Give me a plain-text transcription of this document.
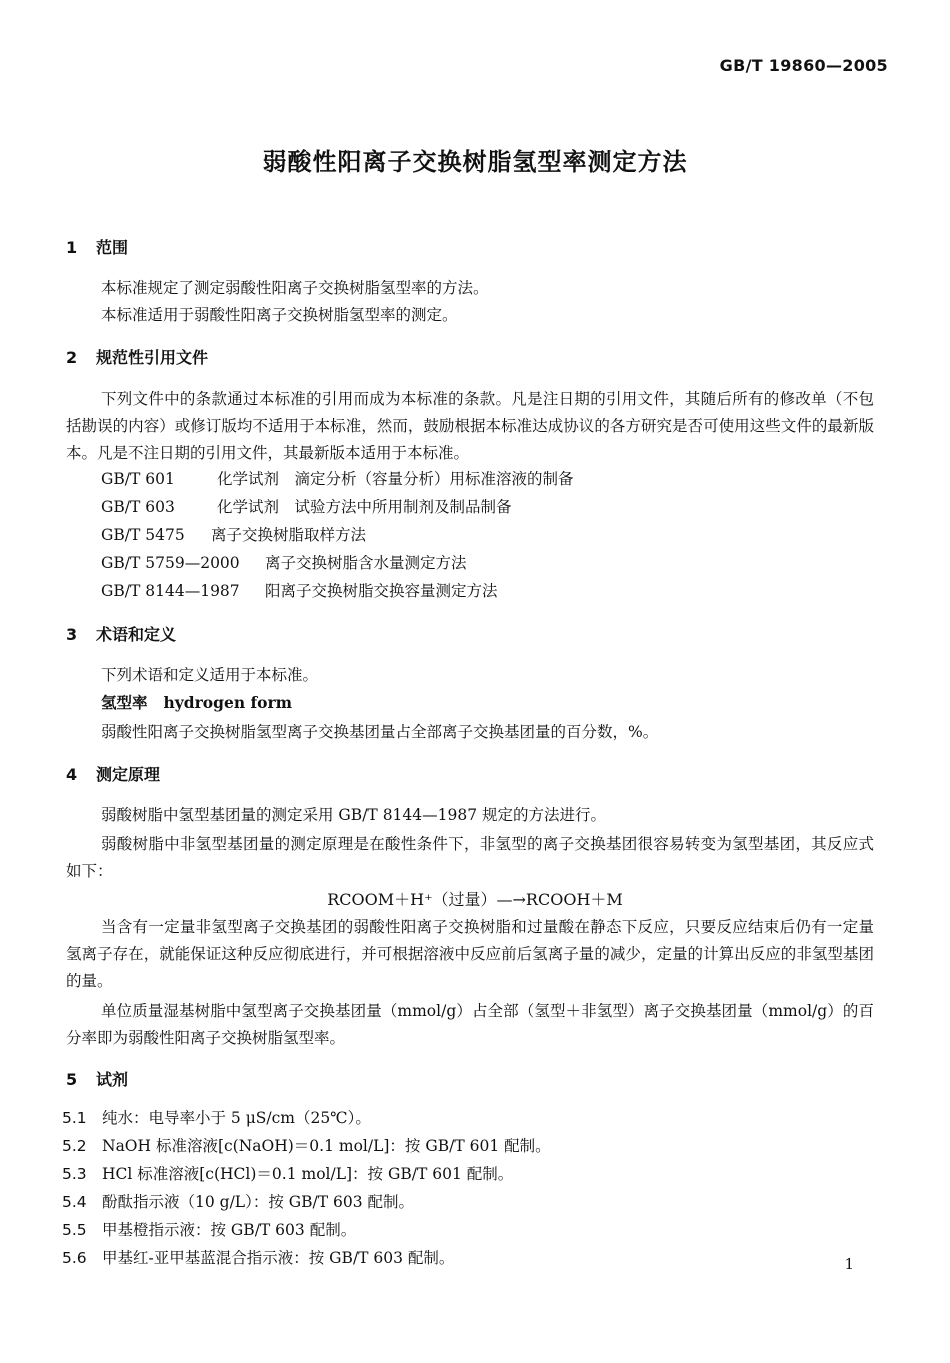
GB/T 19860—2005
弱酸性阳离子交换树脂氢型率测定方法
1 范围
本标准规定了测定弱酸性阳离子交换树脂氢型率的方法。
本标准适用于弱酸性阳离子交换树脂氢型率的测定。
2 规范性引用文件
下列文件中的条款通过本标准的引用而成为本标准的条款。凡是注日期的引用文件，其随后所有的修改单（不包括勘误的内容）或修订版均不适用于本标准，然而，鼓励根据本标准达成协议的各方研究是否可使用这些文件的最新版本。凡是不注日期的引用文件，其最新版本适用于本标准。
GB/T 601	化学试剂　滴定分析（容量分析）用标准溶液的制备
GB/T 603	化学试剂　试验方法中所用制剂及制品制备
GB/T 5475 离子交换树脂取样方法
GB/T 5759—2000 离子交换树脂含水量测定方法
GB/T 8144—1987 阳离子交换树脂交换容量测定方法
3 术语和定义
下列术语和定义适用于本标准。
氢型率 hydrogen form
弱酸性阳离子交换树脂氢型离子交换基团量占全部离子交换基团量的百分数，%。
4 测定原理
弱酸树脂中氢型基团量的测定采用 GB/T 8144—1987 规定的方法进行。
弱酸树脂中非氢型基团量的测定原理是在酸性条件下，非氢型的离子交换基团很容易转变为氢型基团，其反应式如下：
RCOOM＋H⁺（过量）—→RCOOH＋M
当含有一定量非氢型离子交换基团的弱酸性阳离子交换树脂和过量酸在静态下反应，只要反应结束后仍有一定量氢离子存在，就能保证这种反应彻底进行，并可根据溶液中反应前后氢离子量的减少，定量的计算出反应的非氢型基团的量。
单位质量湿基树脂中氢型离子交换基团量（mmol/g）占全部（氢型＋非氢型）离子交换基团量（mmol/g）的百分率即为弱酸性阳离子交换树脂氢型率。
5 试剂
5.1 纯水：电导率小于 5 μS/cm（25℃）。
5.2 NaOH 标准溶液[c(NaOH)＝0.1 mol/L]：按 GB/T 601 配制。
5.3 HCl 标准溶液[c(HCl)＝0.1 mol/L]：按 GB/T 601 配制。
5.4 酚酞指示液（10 g/L）：按 GB/T 603 配制。
5.5 甲基橙指示液：按 GB/T 603 配制。
5.6 甲基红-亚甲基蓝混合指示液：按 GB/T 603 配制。	1
